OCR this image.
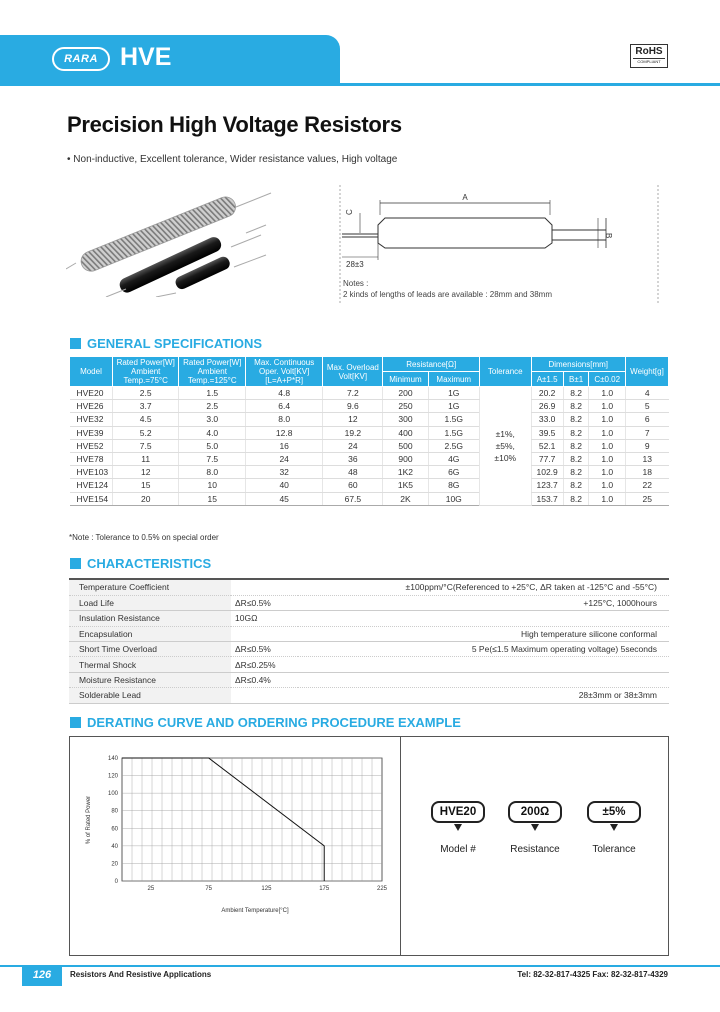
RARA HVE	RoHS
COMPLIANT
Precision High Voltage Resistors
• Non-inductive, Excellent tolerance, Wider resistance values, High voltage
A
B
C
28±3
Notes :
2 kinds of lengths of leads are available : 28mm and 38mm
GENERAL SPECIFICATIONS
Model	Rated Power[W] Ambient Temp.=75°C	Rated Power[W] Ambient Temp.=125°C	Max. Continuous Oper. Volt[KV] [L=A+P*R]	Max. Overload Volt[KV]	Resistance[Ω]		Tolerance	Dimensions[mm]			Weight[g]
					Minimum	Maximum		A±1.5	B±1	C±0.02	
HVE20	2.5	1.5	4.8	7.2	200	1G	±1%,
±5%,
±10%	20.2	8.2	1.0	4
HVE26	3.7	2.5	6.4	9.6	250	1G		26.9	8.2	1.0	5
HVE32	4.5	3.0	8.0	12	300	1.5G		33.0	8.2	1.0	6
HVE39	5.2	4.0	12.8	19.2	400	1.5G		39.5	8.2	1.0	7
HVE52	7.5	5.0	16	24	500	2.5G		52.1	8.2	1.0	9
HVE78	11	7.5	24	36	900	4G		77.7	8.2	1.0	13
HVE103	12	8.0	32	48	1K2	6G		102.9	8.2	1.0	18
HVE124	15	10	40	60	1K5	8G		123.7	8.2	1.0	22
HVE154	20	15	45	67.5	2K	10G		153.7	8.2	1.0	25
*Note : Tolerance to 0.5% on special order
CHARACTERISTICS
Temperature Coefficient		±100ppm/°C(Referenced to +25°C, ΔR taken at -125°C and -55°C)
Load Life	ΔR≤0.5%	+125°C, 1000hours
Insulation Resistance	10GΩ	
Encapsulation		High temperature silicone conformal
Short Time Overload	ΔR≤0.5%	5 Pe(≤1.5 Maximum operating voltage) 5seconds
Thermal Shock	ΔR≤0.25%	
Moisture Resistance	ΔR≤0.4%	
Solderable Lead		28±3mm or 38±3mm
DERATING CURVE AND ORDERING PROCEDURE EXAMPLE
0
20
40
60
80
100
120
140
25	75	125	175	225
Ambient Temperature[°C]
% of Rated Power	HVE20
Model #
200Ω
Resistance
±5%
Tolerance
126	Resistors And Resistive Applications	Tel: 82-32-817-4325 Fax: 82-32-817-4329
